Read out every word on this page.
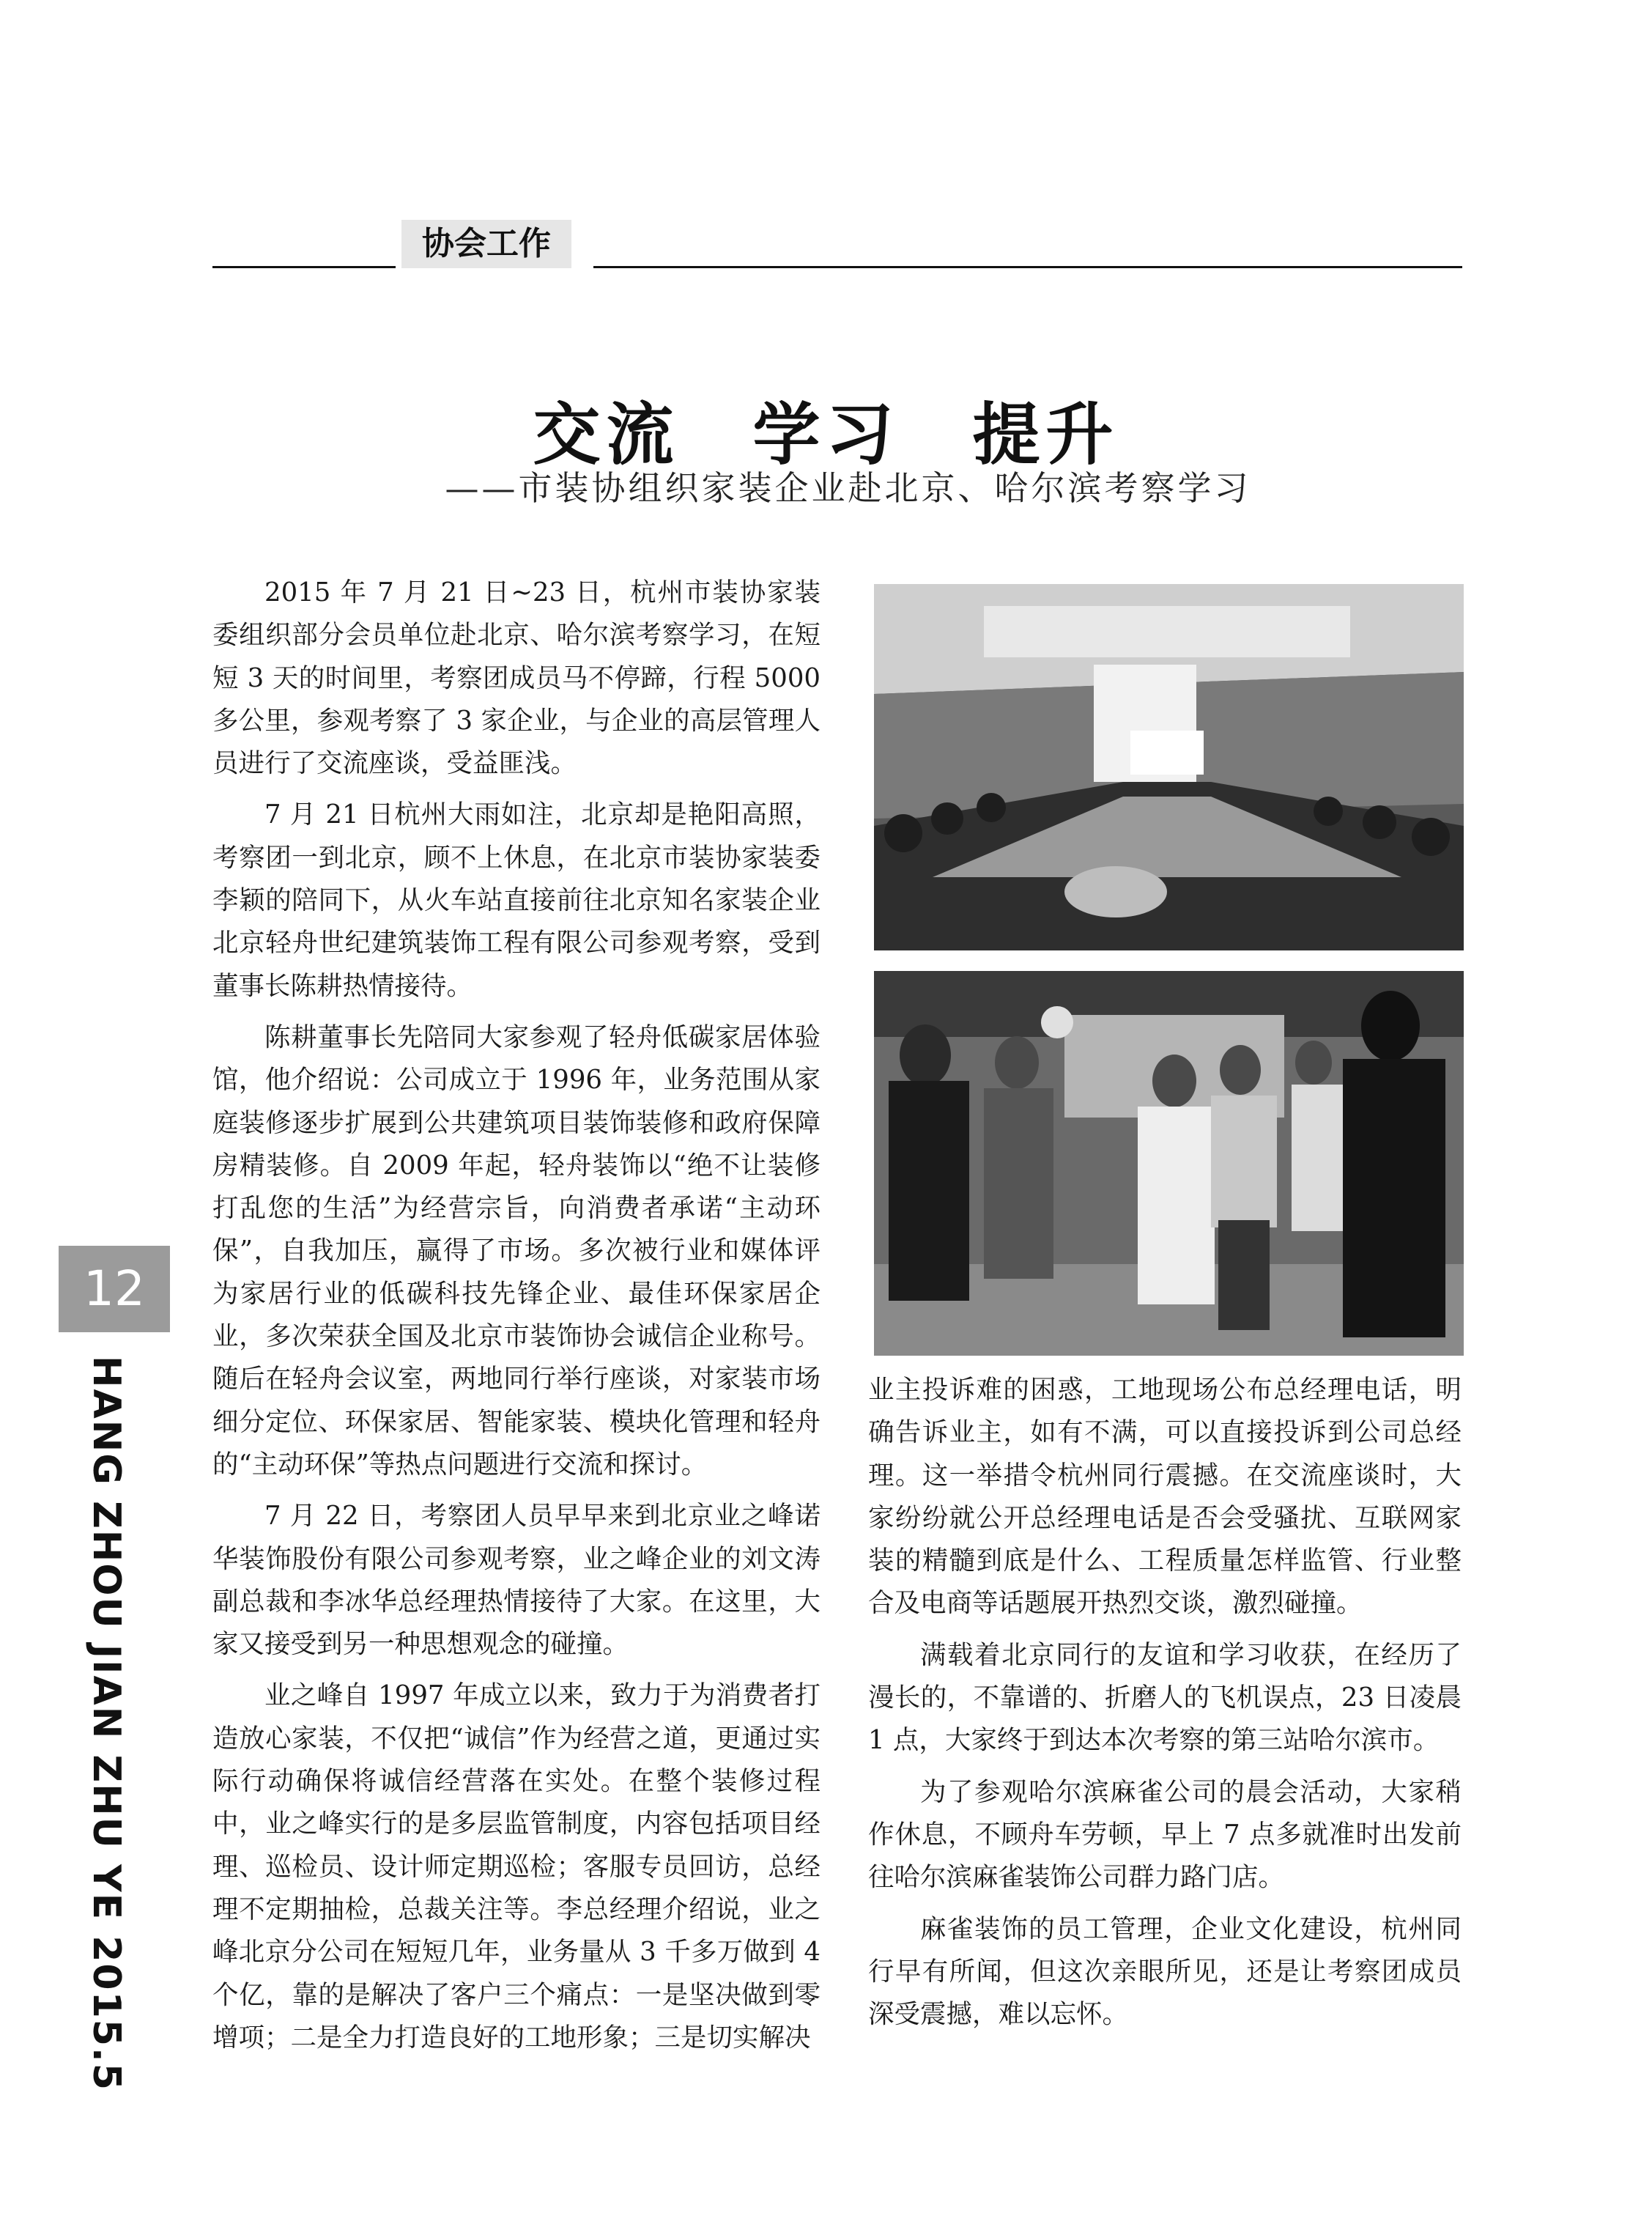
协会工作
交流　学习　提升
——市装协组织家装企业赴北京、哈尔滨考察学习

2015 年 7 月 21 日~23 日，杭州市装协家装委组织部分会员单位赴北京、哈尔滨考察学习，在短短 3 天的时间里，考察团成员马不停蹄，行程 5000 多公里，参观考察了 3 家企业，与企业的高层管理人员进行了交流座谈，受益匪浅。

7 月 21 日杭州大雨如注，北京却是艳阳高照，考察团一到北京，顾不上休息，在北京市装协家装委李颖的陪同下，从火车站直接前往北京知名家装企业北京轻舟世纪建筑装饰工程有限公司参观考察，受到董事长陈耕热情接待。

陈耕董事长先陪同大家参观了轻舟低碳家居体验馆，他介绍说：公司成立于 1996 年，业务范围从家庭装修逐步扩展到公共建筑项目装饰装修和政府保障房精装修。自 2009 年起，轻舟装饰以“绝不让装修打乱您的生活”为经营宗旨，向消费者承诺“主动环保”，自我加压，赢得了市场。多次被行业和媒体评为家居行业的低碳科技先锋企业、最佳环保家居企业，多次荣获全国及北京市装饰协会诚信企业称号。随后在轻舟会议室，两地同行举行座谈，对家装市场细分定位、环保家居、智能家装、模块化管理和轻舟的“主动环保”等热点问题进行交流和探讨。

7 月 22 日，考察团人员早早来到北京业之峰诺华装饰股份有限公司参观考察，业之峰企业的刘文涛副总裁和李冰华总经理热情接待了大家。在这里，大家又接受到另一种思想观念的碰撞。

业之峰自 1997 年成立以来，致力于为消费者打造放心家装，不仅把“诚信”作为经营之道，更通过实际行动确保将诚信经营落在实处。在整个装修过程中，业之峰实行的是多层监管制度，内容包括项目经理、巡检员、设计师定期巡检；客服专员回访，总经理不定期抽检，总裁关注等。李总经理介绍说，业之峰北京分公司在短短几年，业务量从 3 千多万做到 4 个亿，靠的是解决了客户三个痛点：一是坚决做到零增项；二是全力打造良好的工地形象；三是切实解决

业主投诉难的困惑，工地现场公布总经理电话，明确告诉业主，如有不满，可以直接投诉到公司总经理。这一举措令杭州同行震撼。在交流座谈时，大家纷纷就公开总经理电话是否会受骚扰、互联网家装的精髓到底是什么、工程质量怎样监管、行业整合及电商等话题展开热烈交谈，激烈碰撞。

满载着北京同行的友谊和学习收获，在经历了漫长的，不靠谱的、折磨人的飞机误点，23 日凌晨 1 点，大家终于到达本次考察的第三站哈尔滨市。

为了参观哈尔滨麻雀公司的晨会活动，大家稍作休息，不顾舟车劳顿，早上 7 点多就准时出发前往哈尔滨麻雀装饰公司群力路门店。

麻雀装饰的员工管理，企业文化建设，杭州同行早有所闻，但这次亲眼所见，还是让考察团成员深受震撼，难以忘怀。

12
HANG ZHOU JIAN ZHU YE 2015.5
